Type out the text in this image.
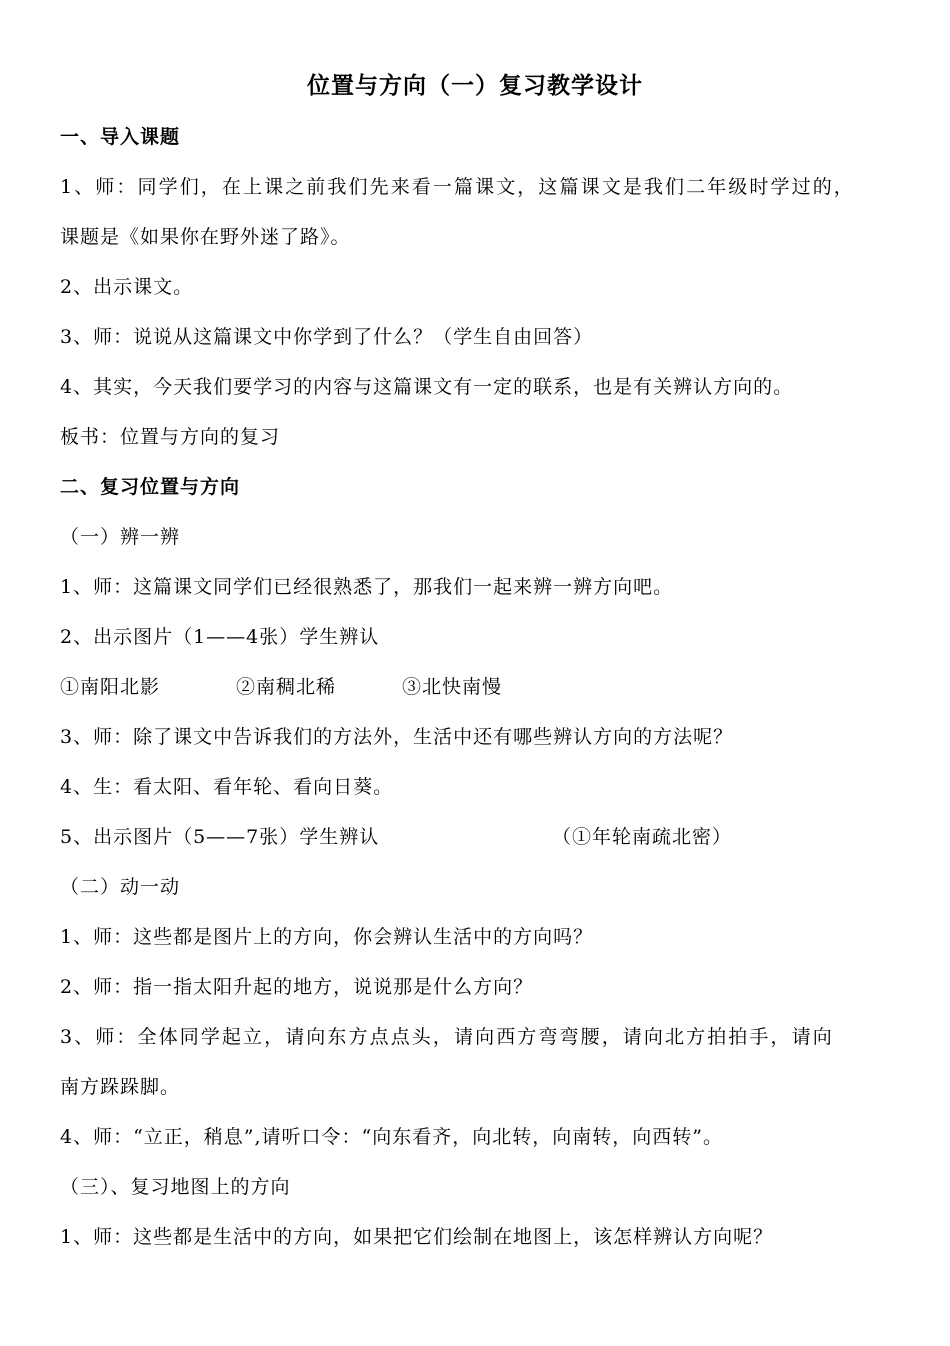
位置与方向（一）复习教学设计
一、导入课题
1、师：同学们，在上课之前我们先来看一篇课文，这篇课文是我们二年级时学过的，
课题是《如果你在野外迷了路》。
2、出示课文。
3、师：说说从这篇课文中你学到了什么？（学生自由回答）
4、其实，今天我们要学习的内容与这篇课文有一定的联系，也是有关辨认方向的。
板书：位置与方向的复习
二、复习位置与方向
（一）辨一辨
1、师：这篇课文同学们已经很熟悉了，那我们一起来辨一辨方向吧。
2、出示图片（1——4张）学生辨认
①南阳北影	②南稠北稀	③北快南慢
3、师：除了课文中告诉我们的方法外，生活中还有哪些辨认方向的方法呢？
4、生：看太阳、看年轮、看向日葵。
5、出示图片（5——7张）学生辨认	（①年轮南疏北密）
（二）动一动
1、师：这些都是图片上的方向，你会辨认生活中的方向吗？
2、师：指一指太阳升起的地方，说说那是什么方向？
3、师：全体同学起立，请向东方点点头，请向西方弯弯腰，请向北方拍拍手，请向
南方跺跺脚。
4、师：“立正，稍息”,请听口令：“向东看齐，向北转，向南转，向西转”。
（三）、复习地图上的方向
1、师：这些都是生活中的方向，如果把它们绘制在地图上，该怎样辨认方向呢？
